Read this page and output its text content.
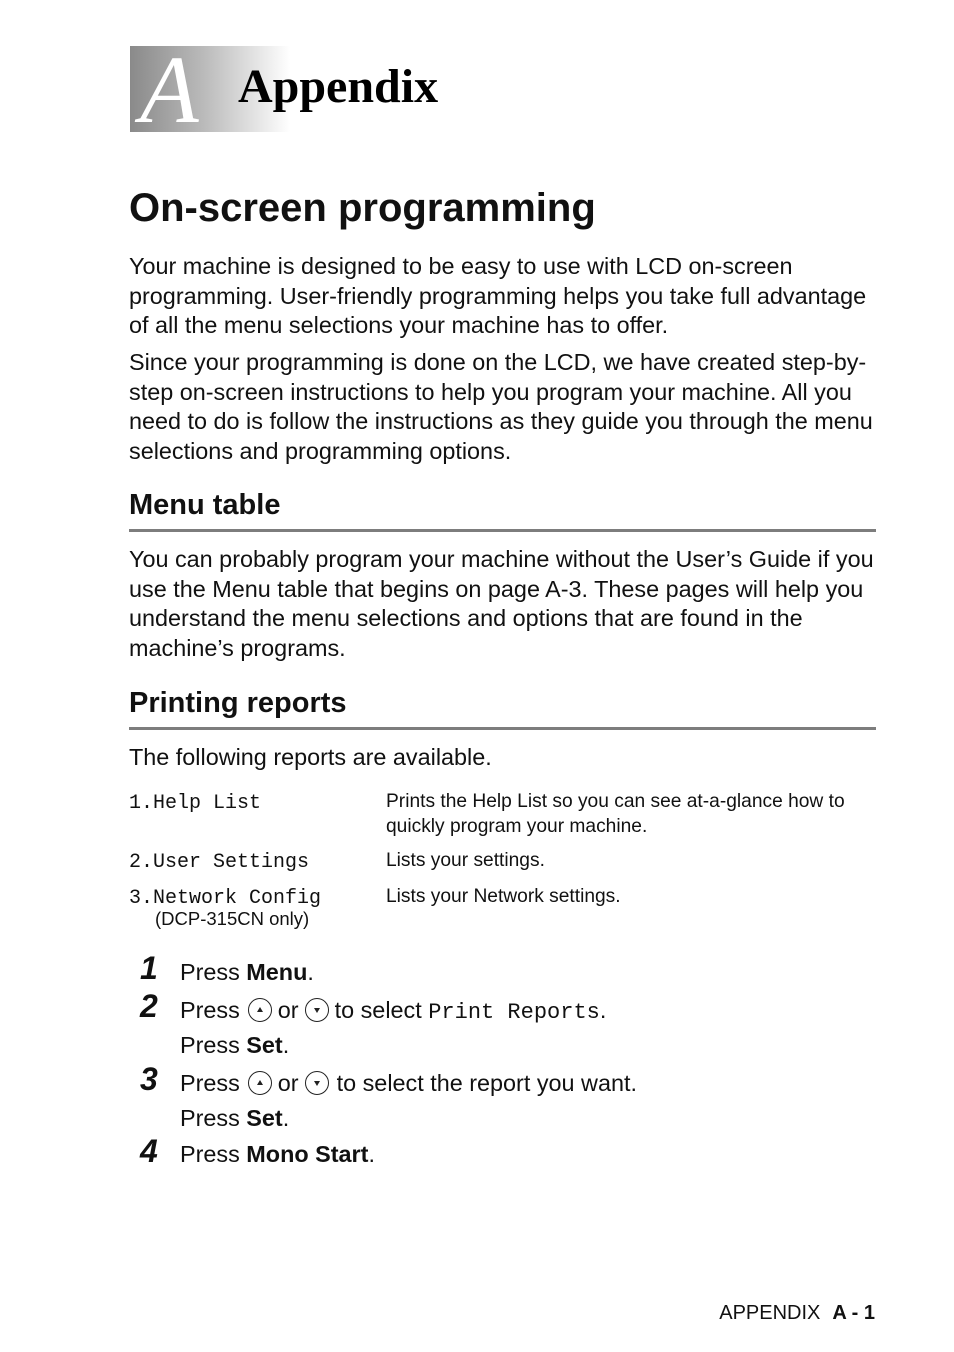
A Appendix
On-screen programming

Your machine is designed to be easy to use with LCD on-screen programming. User-friendly programming helps you take full advantage of all the menu selections your machine has to offer.

Since your programming is done on the LCD, we have created step-by-step on-screen instructions to help you program your machine. All you need to do is follow the instructions as they guide you through the menu selections and programming options.

Menu table

You can probably program your machine without the User’s Guide if you use the Menu table that begins on page A-3. These pages will help you understand the menu selections and options that are found in the machine’s programs.

Printing reports

The following reports are available.

1.Help List	Prints the Help List so you can see at-a-glance how to quickly program your machine.
2.User Settings	Lists your settings.
3.Network Config
(DCP-315CN only)
Lists your Network settings.
1 Press Menu.
2 Press or to select Print Reports.
Press Set.
3 Press or to select the report you want.
Press Set.
4 Press Mono Start.
APPENDIX A - 1
